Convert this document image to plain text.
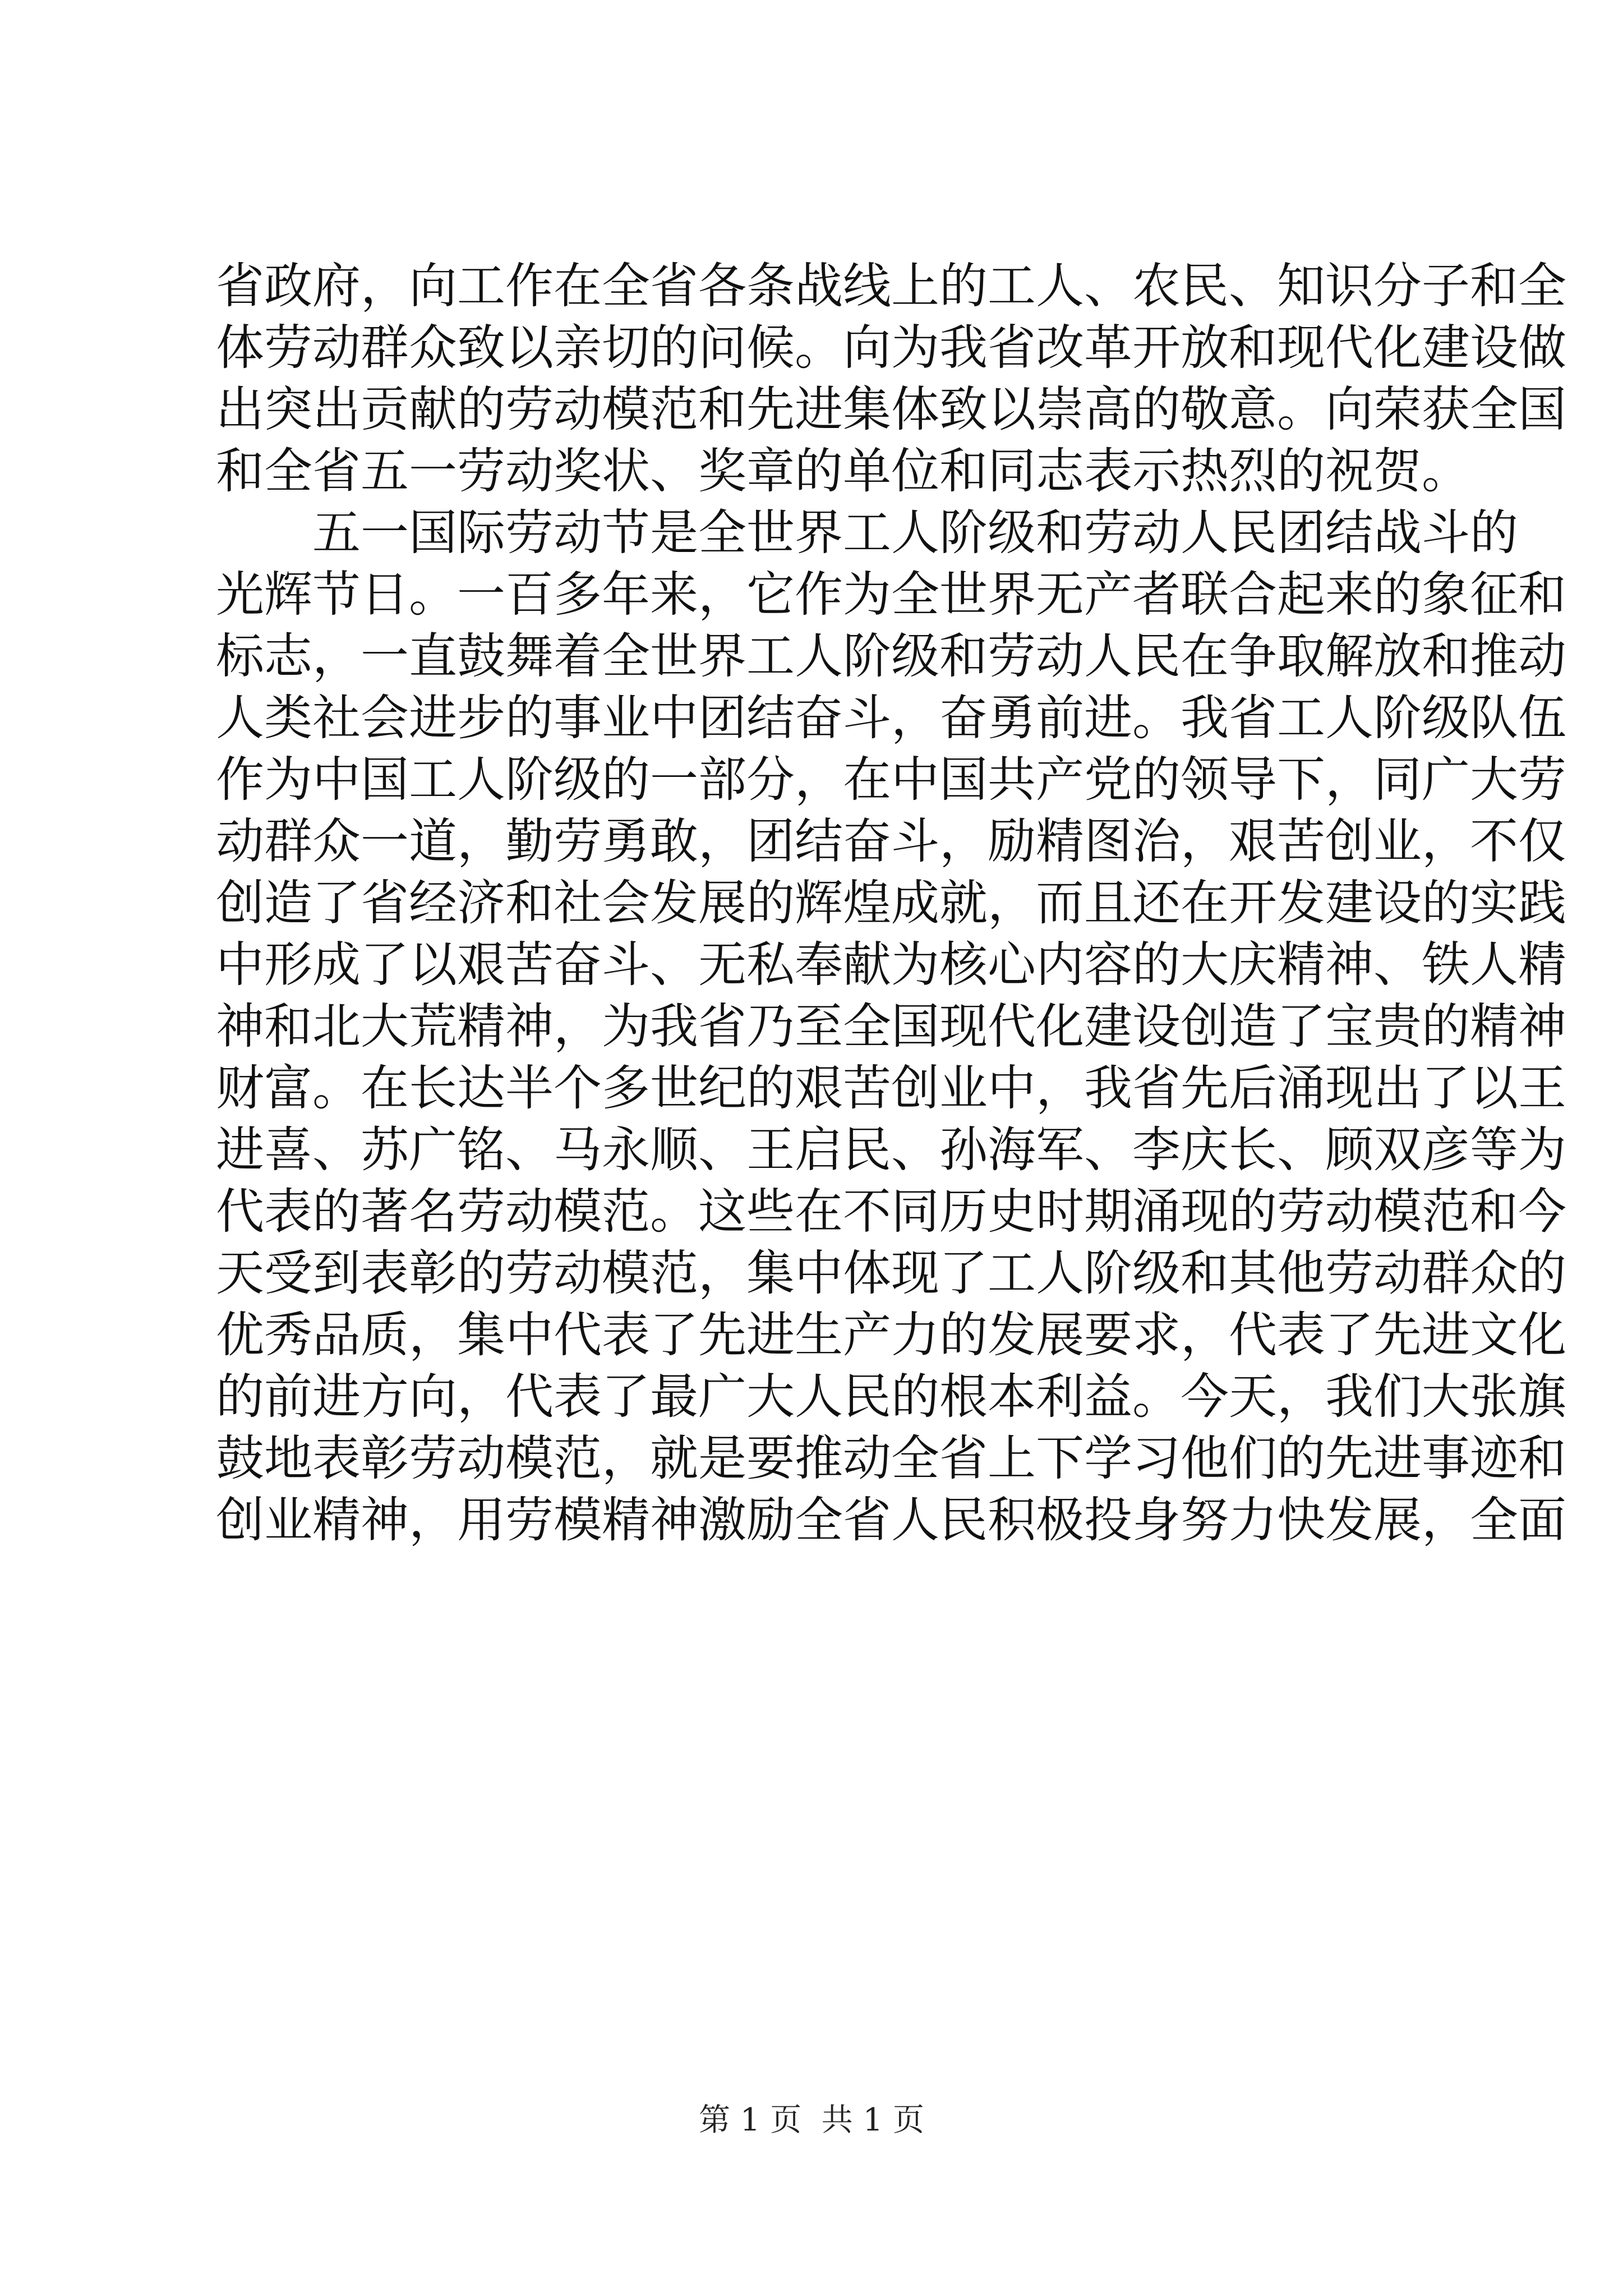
省政府，向工作在全省各条战线上的工人、农民、知识分子和全
体劳动群众致以亲切的问候。向为我省改革开放和现代化建设做
出突出贡献的劳动模范和先进集体致以崇高的敬意。向荣获全国
和全省五一劳动奖状、奖章的单位和同志表示热烈的祝贺。
五一国际劳动节是全世界工人阶级和劳动人民团结战斗的
光辉节日。一百多年来，它作为全世界无产者联合起来的象征和
标志，一直鼓舞着全世界工人阶级和劳动人民在争取解放和推动
人类社会进步的事业中团结奋斗，奋勇前进。我省工人阶级队伍
作为中国工人阶级的一部分，在中国共产党的领导下，同广大劳
动群众一道，勤劳勇敢，团结奋斗，励精图治，艰苦创业，不仅
创造了省经济和社会发展的辉煌成就，而且还在开发建设的实践
中形成了以艰苦奋斗、无私奉献为核心内容的大庆精神、铁人精
神和北大荒精神，为我省乃至全国现代化建设创造了宝贵的精神
财富。在长达半个多世纪的艰苦创业中，我省先后涌现出了以王
进喜、苏广铭、马永顺、王启民、孙海军、李庆长、顾双彦等为
代表的著名劳动模范。这些在不同历史时期涌现的劳动模范和今
天受到表彰的劳动模范，集中体现了工人阶级和其他劳动群众的
优秀品质，集中代表了先进生产力的发展要求，代表了先进文化
的前进方向，代表了最广大人民的根本利益。今天，我们大张旗
鼓地表彰劳动模范，就是要推动全省上下学习他们的先进事迹和
创业精神，用劳模精神激励全省人民积极投身努力快发展，全面
第 1 页  共 1 页
